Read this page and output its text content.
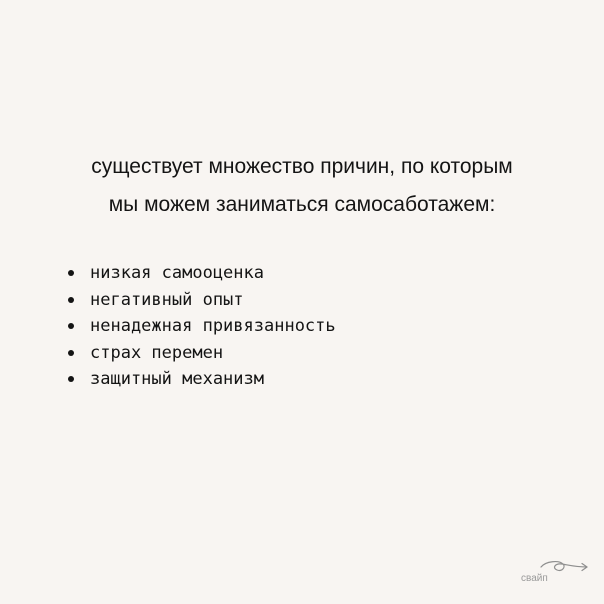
существует множество причин, по которым
мы можем заниматься самосаботажем:
низкая самооценка
негативный опыт
ненадежная привязанность
страх перемен
защитный механизм
свайп
